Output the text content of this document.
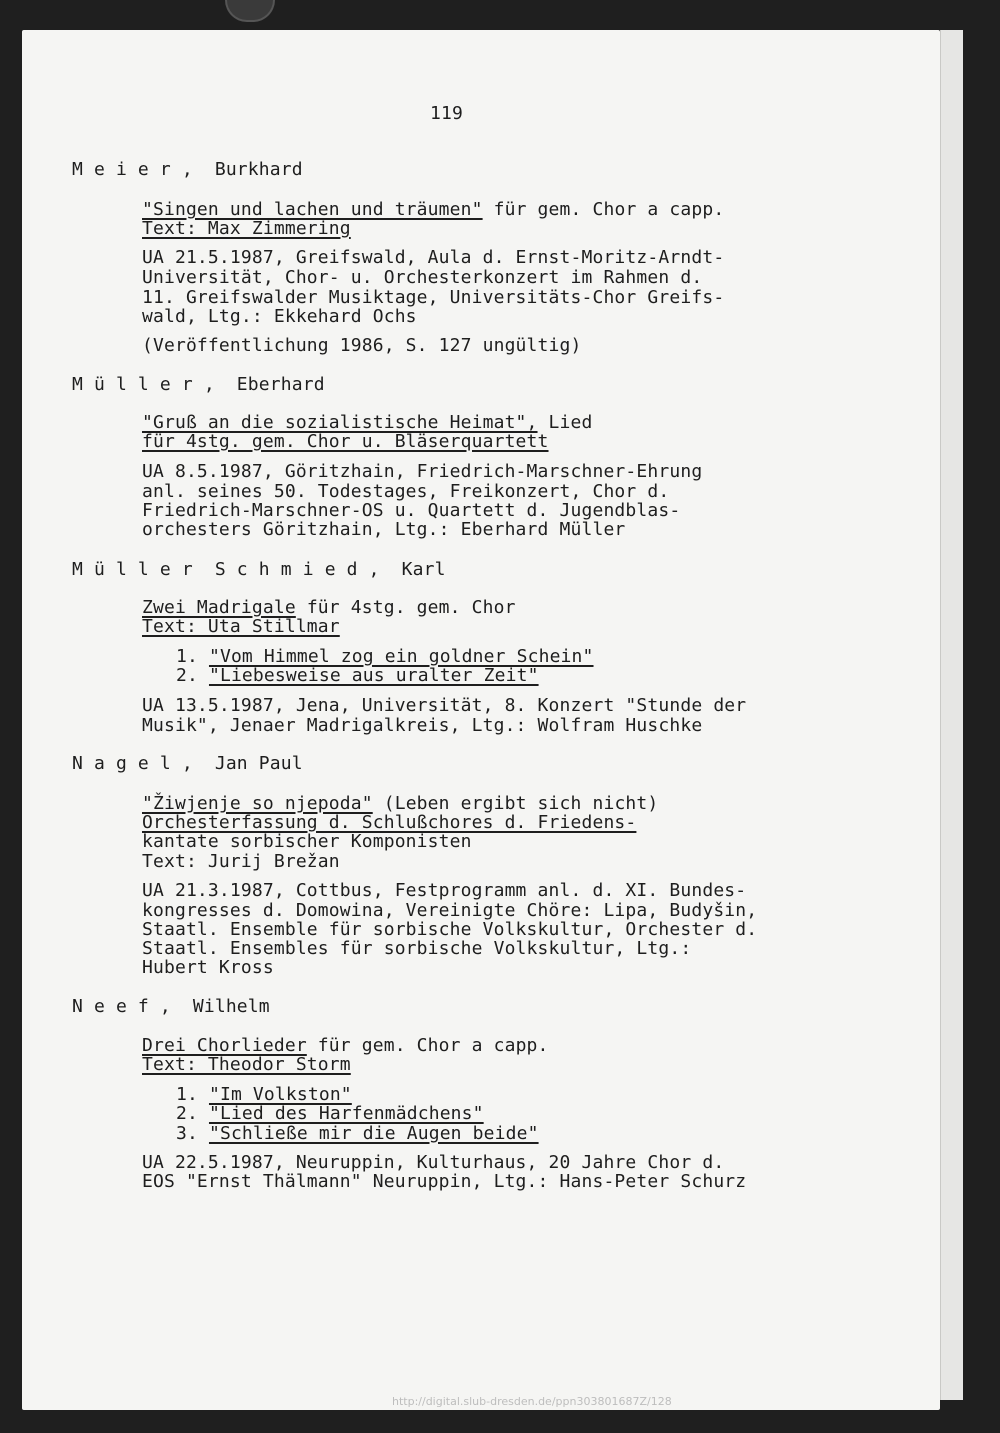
119
M e i e r ,  Burkhard
"Singen und lachen und träumen" für gem. Chor a capp.
Text: Max Zimmering
UA 21.5.1987, Greifswald, Aula d. Ernst-Moritz-Arndt-
Universität, Chor- u. Orchesterkonzert im Rahmen d.
11. Greifswalder Musiktage, Universitäts-Chor Greifs-
wald, Ltg.: Ekkehard Ochs
(Veröffentlichung 1986, S. 127 ungültig)
M ü l l e r ,  Eberhard
"Gruß an die sozialistische Heimat", Lied
für 4stg. gem. Chor u. Bläserquartett
UA 8.5.1987, Göritzhain, Friedrich-Marschner-Ehrung
anl. seines 50. Todestages, Freikonzert, Chor d.
Friedrich-Marschner-OS u. Quartett d. Jugendblas-
orchesters Göritzhain, Ltg.: Eberhard Müller
M ü l l e r  S c h m i e d ,  Karl
Zwei Madrigale für 4stg. gem. Chor
Text: Uta Stillmar
1. "Vom Himmel zog ein goldner Schein"
2. "Liebesweise aus uralter Zeit"
UA 13.5.1987, Jena, Universität, 8. Konzert "Stunde der
Musik", Jenaer Madrigalkreis, Ltg.: Wolfram Huschke
N a g e l ,  Jan Paul
"Žiwjenje so njepoda" (Leben ergibt sich nicht)
Orchesterfassung d. Schlußchores d. Friedens-
kantate sorbischer Komponisten
Text: Jurij Brežan
UA 21.3.1987, Cottbus, Festprogramm anl. d. XI. Bundes-
kongresses d. Domowina, Vereinigte Chöre: Lipa, Budyšin,
Staatl. Ensemble für sorbische Volkskultur, Orchester d.
Staatl. Ensembles für sorbische Volkskultur, Ltg.:
Hubert Kross
N e e f ,  Wilhelm
Drei Chorlieder für gem. Chor a capp.
Text: Theodor Storm
1. "Im Volkston"
2. "Lied des Harfenmädchens"
3. "Schließe mir die Augen beide"
UA 22.5.1987, Neuruppin, Kulturhaus, 20 Jahre Chor d.
EOS "Ernst Thälmann" Neuruppin, Ltg.: Hans-Peter Schurz
http://digital.slub-dresden.de/ppn303801687Z/128
